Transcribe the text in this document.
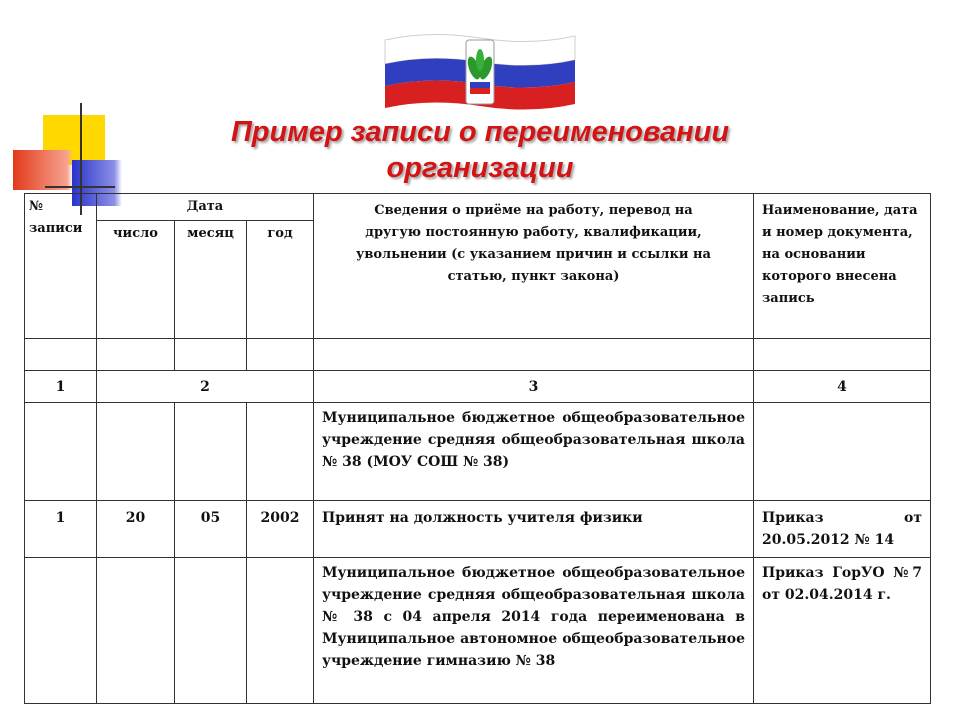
Пример записи о переименовании
организации
№ записи	Дата			Сведения о приёме на работу, перевод на другую постоянную работу, квалификации, увольнении (с указанием причин и ссылки на статью, пункт закона)	Наименование, дата и номер документа, на основании которого внесена запись
	число	месяц	год		

1	2			3	4
				Муниципальное бюджетное общеобразовательное учреждение средняя общеобразовательная школа № 38 (МОУ СОШ № 38)	
1	20	05	2002	Принят на должность учителя физики	Приказ от 20.05.2012 № 14
				Муниципальное бюджетное общеобразовательное учреждение средняя общеобразовательная школа № 38 с 04 апреля 2014 года переименована в Муниципальное автономное общеобразовательное учреждение гимназию № 38	Приказ ГорУО №7 от 02.04.2014 г.
